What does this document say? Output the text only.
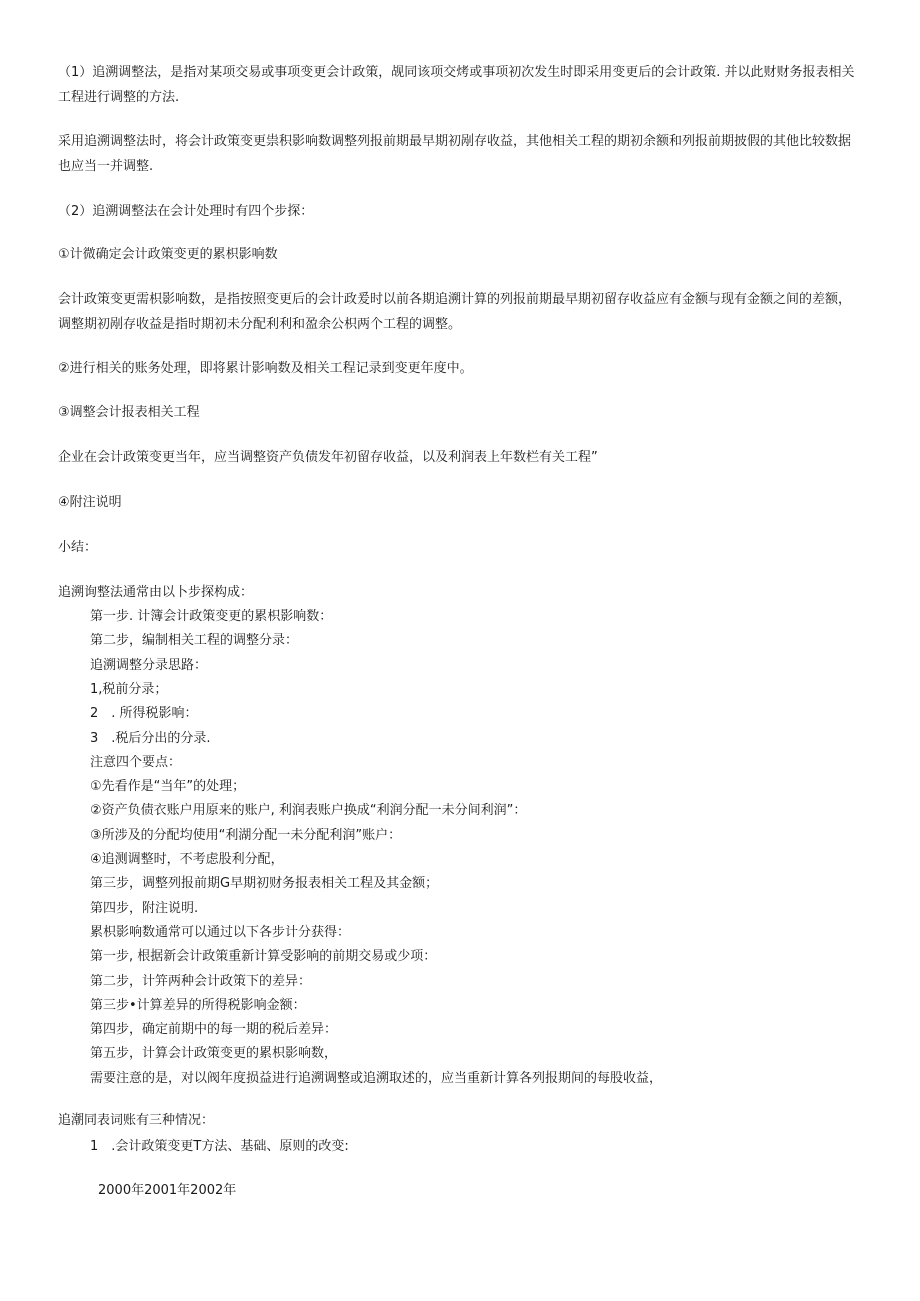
（1）追溯调整法，是指对某项交易或事项变更会计政策，觇同该项交烤或事项初次发生时即采用变更后的会计政策. 并以此财财务报表相关工程进行调整的方法.
采用追溯调整法时，将会计政策变更祟积影响数调整列报前期最早期初剐存收益，其他相关工程的期初余额和列报前期披假的其他比较数据也应当一并调整.
（2）追溯调整法在会计处理时有四个步探：
①计微确定会计政策变更的累枳影响数
会计政策变更需枳影响数，是指按照变更后的会计政爰时以前各期追溯计算的列报前期最早期初留存收益应有金额与现有金额之间的差额，调整期初剐存收益是指时期初未分配利利和盈余公枳两个工程的调整。
②进行相关的账务处理，即将累计影响数及相关工程记录到变更年度中。
③调整会计报表相关工程
企业在会计政策变更当年，应当调整资产负债发年初留存收益，以及利润表上年数栏有关工程”
④附注说明
小结：
追溯询整法通常由以卜步探构成：
第一步. 计簿会计政策变更的累枳影响数：
第二步，编制相关工程的调整分录：
追溯调整分录思路：
1,税前分录；
2　. 所得税影响：
3　.税后分出的分录.
注意四个要点：
①先看作是“当年”的处理；
②资产负债衣账户用原来的账户, 利润表账户换成“利润分配一未分间利润”：
③所涉及的分配均使用“利湖分配一未分配利润”账户：
④追测调整时，不考虑股利分配，
第三步，调整列报前期G早期初财务报表相关工程及其金额；
第四步，附注说明.
累枳影响数通常可以通过以下各步计分获得：
第一步, 根据新会计政策重新计算受影响的前期交易或少项：
第二步，计笄两种会计政策下的差异：
第三步•计算差异的所得税影响金额：
第四步，确定前期中的每一期的税后差异：
第五步，计算会计政策变更的累枳影响数，
需要注意的是，对以阀年度损益进行追溯调整或追溯取述的，应当重新计算各列报期间的每股收益，
追潮同表词账有三种情况：
1　.会计政策变更T方法、基础、原则的改变:
2000年2001年2002年
